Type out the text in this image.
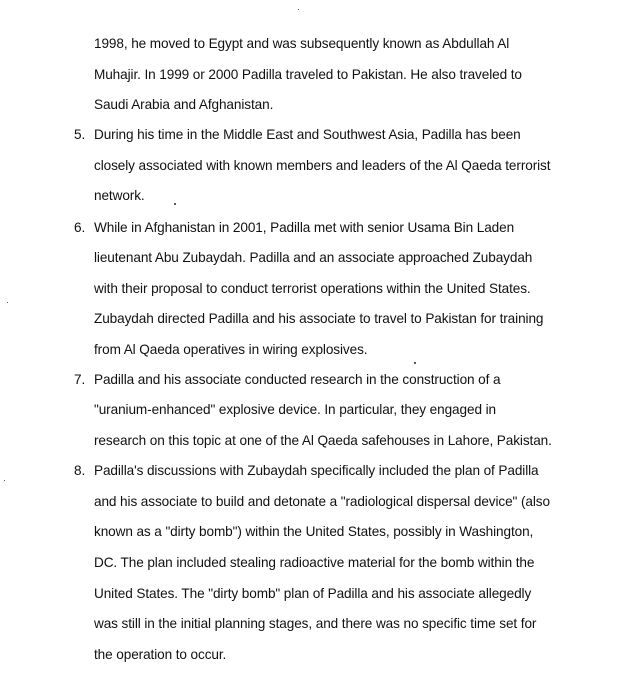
1998, he moved to Egypt and was subsequently known as Abdullah Al
Muhajir. In 1999 or 2000 Padilla traveled to Pakistan. He also traveled to
Saudi Arabia and Afghanistan.
5. During his time in the Middle East and Southwest Asia, Padilla has been
closely associated with known members and leaders of the Al Qaeda terrorist
network.
6. While in Afghanistan in 2001, Padilla met with senior Usama Bin Laden
lieutenant Abu Zubaydah. Padilla and an associate approached Zubaydah
with their proposal to conduct terrorist operations within the United States.
Zubaydah directed Padilla and his associate to travel to Pakistan for training
from Al Qaeda operatives in wiring explosives.
7. Padilla and his associate conducted research in the construction of a
"uranium-enhanced" explosive device. In particular, they engaged in
research on this topic at one of the Al Qaeda safehouses in Lahore, Pakistan.
8. Padilla's discussions with Zubaydah specifically included the plan of Padilla
and his associate to build and detonate a "radiological dispersal device" (also
known as a "dirty bomb") within the United States, possibly in Washington,
DC. The plan included stealing radioactive material for the bomb within the
United States. The "dirty bomb" plan of Padilla and his associate allegedly
was still in the initial planning stages, and there was no specific time set for
the operation to occur.
